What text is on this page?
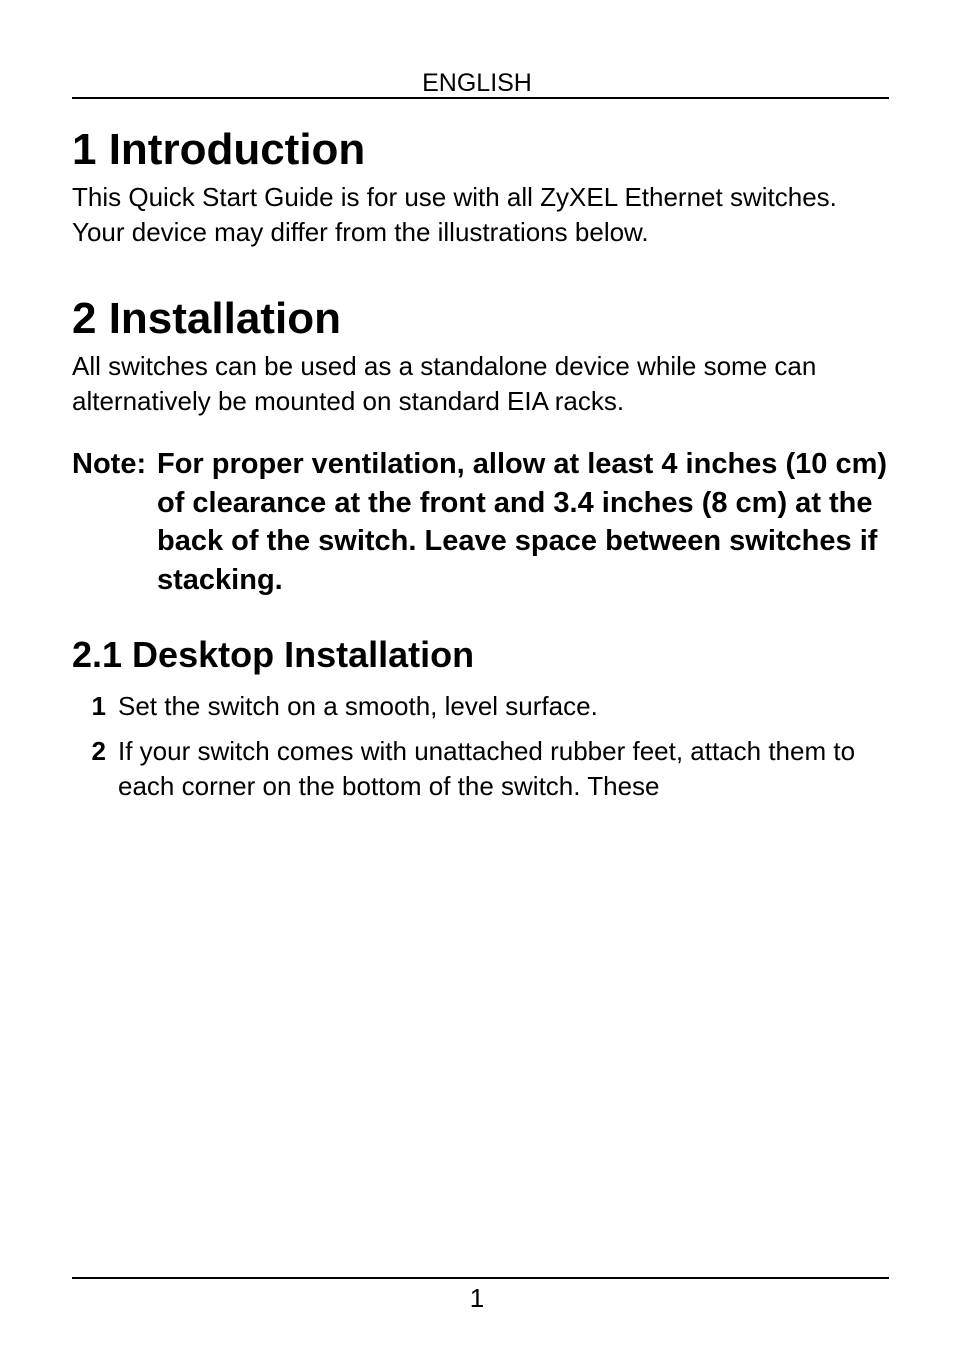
ENGLISH
1 Introduction

This Quick Start Guide is for use with all ZyXEL Ethernet switches. Your device may differ from the illustrations below.

2 Installation

All switches can be used as a standalone device while some can alternatively be mounted on standard EIA racks.

Note: For proper ventilation, allow at least 4 inches (10 cm) of clearance at the front and 3.4 inches (8 cm) at the back of the switch. Leave space between switches if stacking.
2.1 Desktop Installation
1 Set the switch on a smooth, level surface.
2 If your switch comes with unattached rubber feet, attach them to each corner on the bottom of the switch. These
1
